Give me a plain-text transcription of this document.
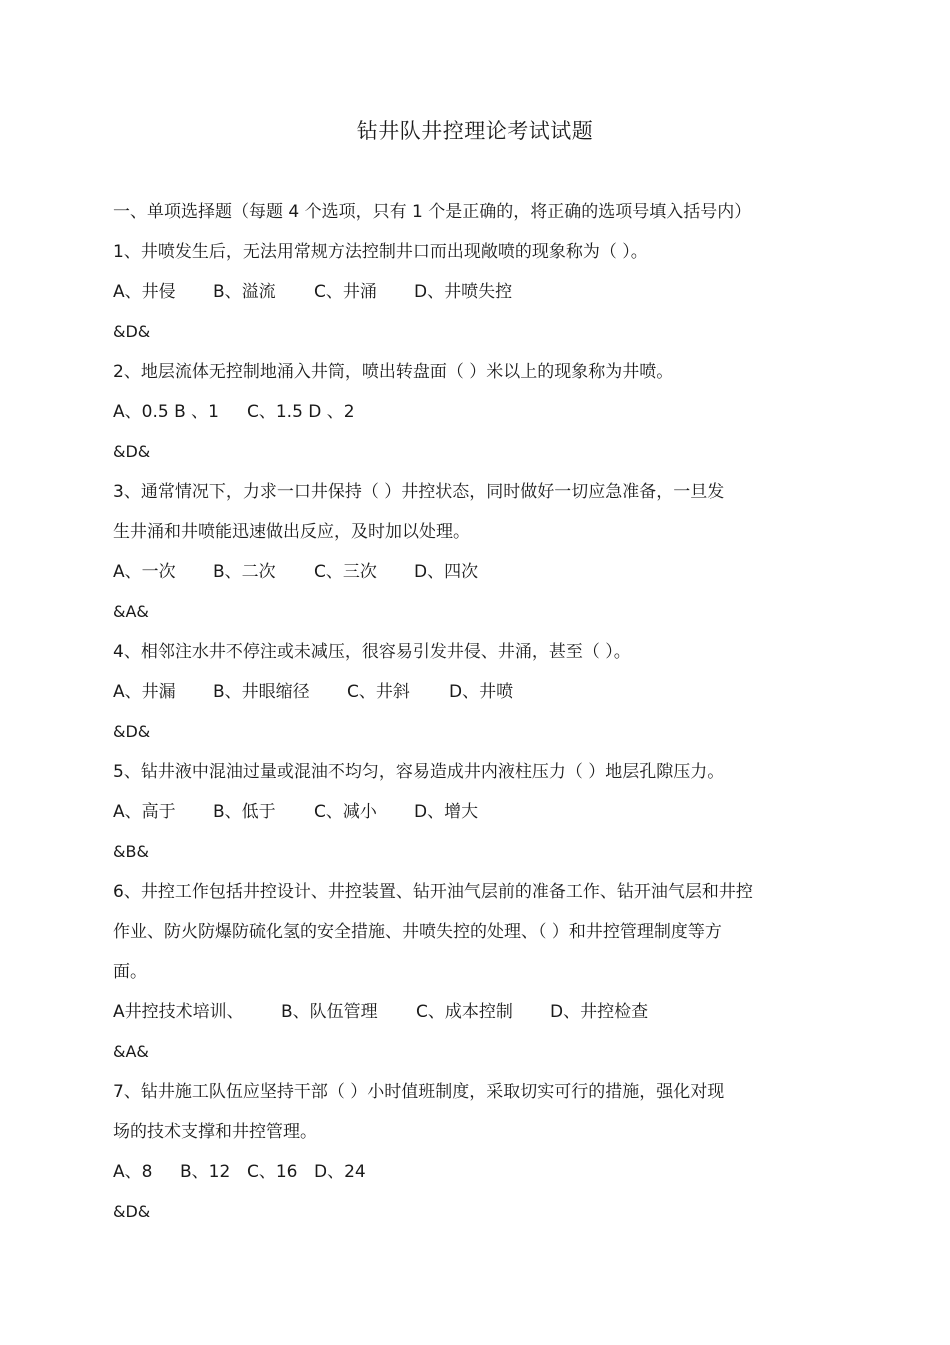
钻井队井控理论考试试题
一、单项选择题（每题 4 个选项，只有 1 个是正确的，将正确的选项号填入括号内）
1、井喷发生后，无法用常规方法控制井口而出现敞喷的现象称为（ ）。
A、井侵 B、溢流 C、井涌 D、井喷失控
&D&
2、地层流体无控制地涌入井筒，喷出转盘面（ ）米以上的现象称为井喷。
A、0.5 B 、1 C、1.5 D 、2
&D&
3、通常情况下，力求一口井保持（ ）井控状态，同时做好一切应急准备，一旦发
生井涌和井喷能迅速做出反应，及时加以处理。
A、一次 B、二次 C、三次 D、四次
&A&
4、相邻注水井不停注或未减压，很容易引发井侵、井涌，甚至（ ）。
A、井漏 B、井眼缩径 C、井斜 D、井喷
&D&
5、钻井液中混油过量或混油不均匀，容易造成井内液柱压力（ ）地层孔隙压力。
A、高于 B、低于 C、减小 D、增大
&B&
6、井控工作包括井控设计、井控装置、钻开油气层前的准备工作、钻开油气层和井控
作业、防火防爆防硫化氢的安全措施、井喷失控的处理、（ ）和井控管理制度等方
面。
A井控技术培训、 B、队伍管理 C、成本控制 D、井控检查
&A&
7、钻井施工队伍应坚持干部（ ）小时值班制度，采取切实可行的措施，强化对现
场的技术支撑和井控管理。
A、8 B、12 C、16 D、24
&D&
